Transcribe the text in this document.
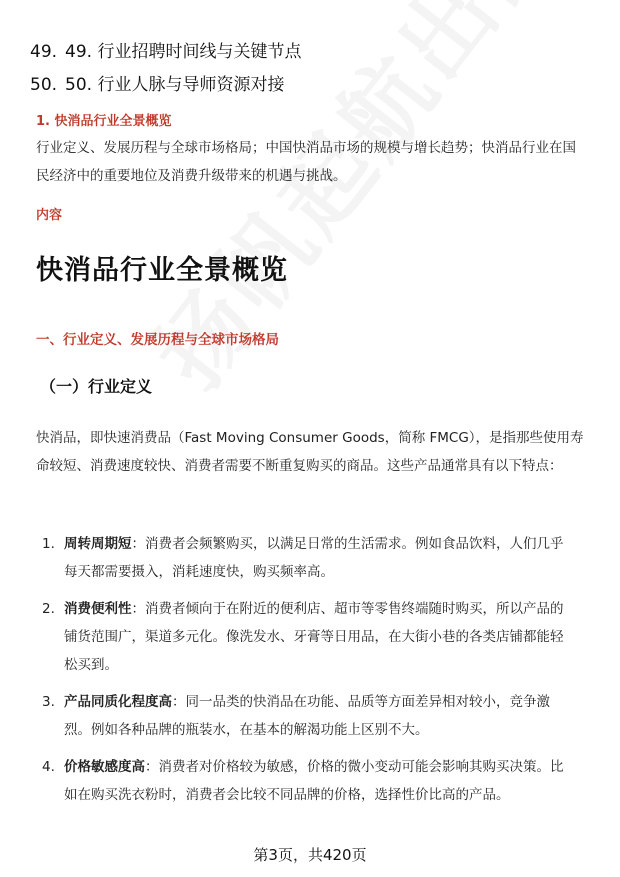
49. 49. 行业招聘时间线与关键节点
50. 50. 行业人脉与导师资源对接
1. 快消品行业全景概览
行业定义、发展历程与全球市场格局；中国快消品市场的规模与增长趋势；快消品行业在国民经济中的重要地位及消费升级带来的机遇与挑战。
内容
快消品行业全景概览
一、行业定义、发展历程与全球市场格局
（一）行业定义
快消品，即快速消费品（Fast Moving Consumer Goods，简称 FMCG），是指那些使用寿命较短、消费速度较快、消费者需要不断重复购买的商品。这些产品通常具有以下特点：
1. 周转周期短：消费者会频繁购买，以满足日常的生活需求。例如食品饮料，人们几乎每天都需要摄入，消耗速度快，购买频率高。
2. 消费便利性：消费者倾向于在附近的便利店、超市等零售终端随时购买，所以产品的铺货范围广，渠道多元化。像洗发水、牙膏等日用品，在大街小巷的各类店铺都能轻松买到。
3. 产品同质化程度高：同一品类的快消品在功能、品质等方面差异相对较小，竞争激烈。例如各种品牌的瓶装水，在基本的解渴功能上区别不大。
4. 价格敏感度高：消费者对价格较为敏感，价格的微小变动可能会影响其购买决策。比如在购买洗衣粉时，消费者会比较不同品牌的价格，选择性价比高的产品。
第3页，共420页
